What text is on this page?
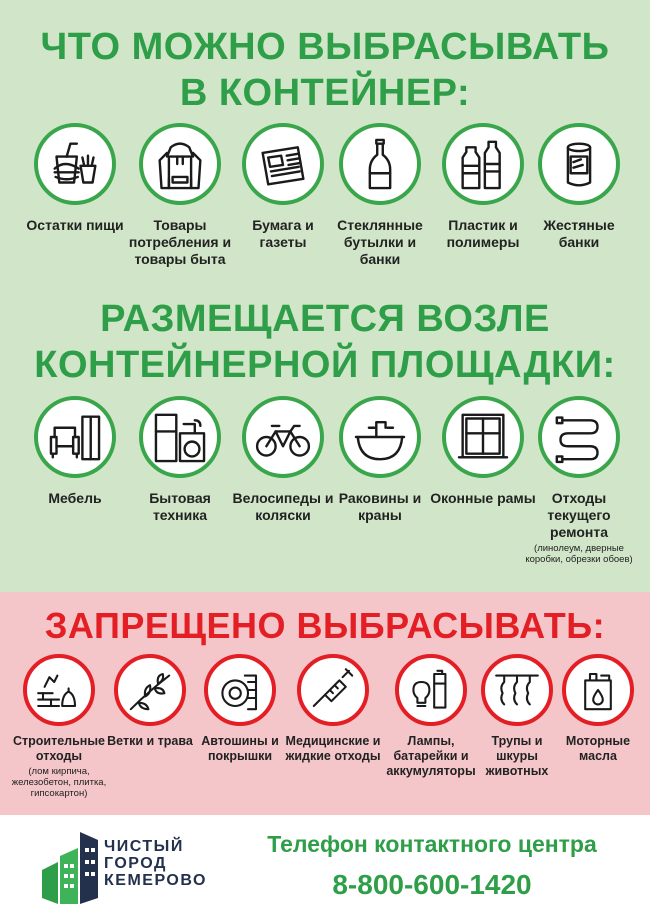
ЧТО МОЖНО ВЫБРАСЫВАТЬ
В КОНТЕЙНЕР:
Остатки пищи	Товары потребления и товары быта
Бумага и газеты
Стеклянные бутылки и банки
Пластик и полимеры
Жестяные банки
РАЗМЕЩАЕТСЯ ВОЗЛЕ
КОНТЕЙНЕРНОЙ ПЛОЩАДКИ:
Мебель	Бытовая техника
Велосипеды и коляски
Раковины и краны
Оконные рамы	Отходы текущего ремонта
(линолеум, дверные коробки, обрезки обоев)
ЗАПРЕЩЕНО ВЫБРАСЫВАТЬ:
Строительные отходы
(лом кирпича, железобетон, плитка, гипсокартон)
Ветки и трава Автошины и покрышки
Медицинские и жидкие отходы
Лампы, батарейки и аккумуляторы
Трупы и шкуры животных
Моторные масла
ЧИСТЫЙ
ГОРОД
КЕМЕРОВО
Телефон контактного центра
8-800-600-1420
